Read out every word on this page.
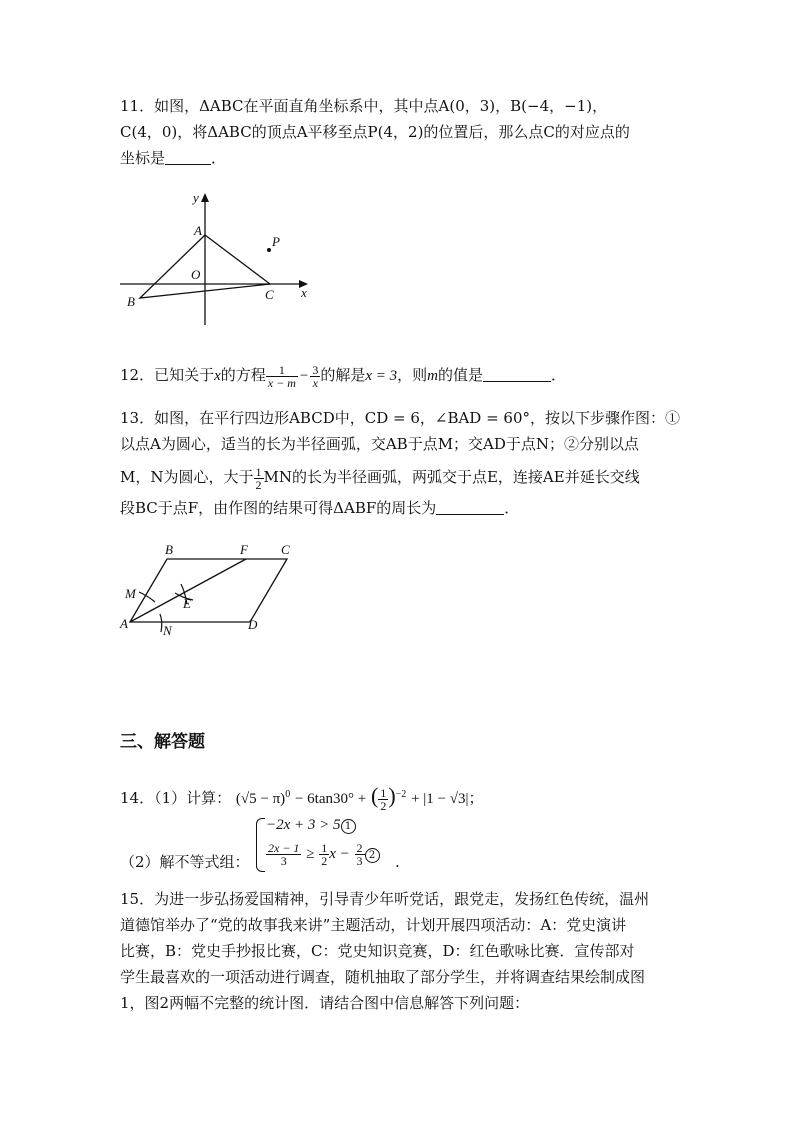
11．如图，ΔABC在平面直角坐标系中，其中点A(0，3)，B(−4，−1)，
C(4，0)，将ΔABC的顶点A平移至点P(4，2)的位置后，那么点C的对应点的
坐标是	．
y
A
P
O
C x
B
12．已知关于x的方程 $\frac{1}{x - m} - \frac{3}{x}$ 的解是x = 3，则m的值是	．
13．如图，在平行四边形ABCD中，CD = 6，∠BAD = 60°，按以下步骤作图：①
以点A为圆心，适当的长为半径画弧，交AB于点M；交AD于点N；②分别以点
M，N为圆心，大于 $\frac{1}{2}$ MN的长为半径画弧，两弧交于点E，连接AE并延长交线
段BC于点F，由作图的结果可得ΔABF的周长为	．
B	F	C
M
E
A	N	D
三、解答题
14．（1）计算： $(√5 - \pi)^0 - 6\tan 30^\circ$ + ( $\frac{1}{2} )^{-2} + |1 - √3|$；
（2）解不等式组：
−2x + 3 > 5 1
$\frac{2x - 1}{3} \ge \frac{1}{2}$ $x - \frac{2}{3} 2$ .
15．为进一步弘扬爱国精神，引导青少年听党话，跟党走，发扬红色传统，温州
道德馆举办了“党的故事我来讲”主题活动，计划开展四项活动：A：党史演讲
比赛，B：党史手抄报比赛，C：党史知识竞赛，D：红色歌咏比赛．宣传部对
学生最喜欢的一项活动进行调查，随机抽取了部分学生，并将调查结果绘制成图
1，图2两幅不完整的统计图．请结合图中信息解答下列问题：
